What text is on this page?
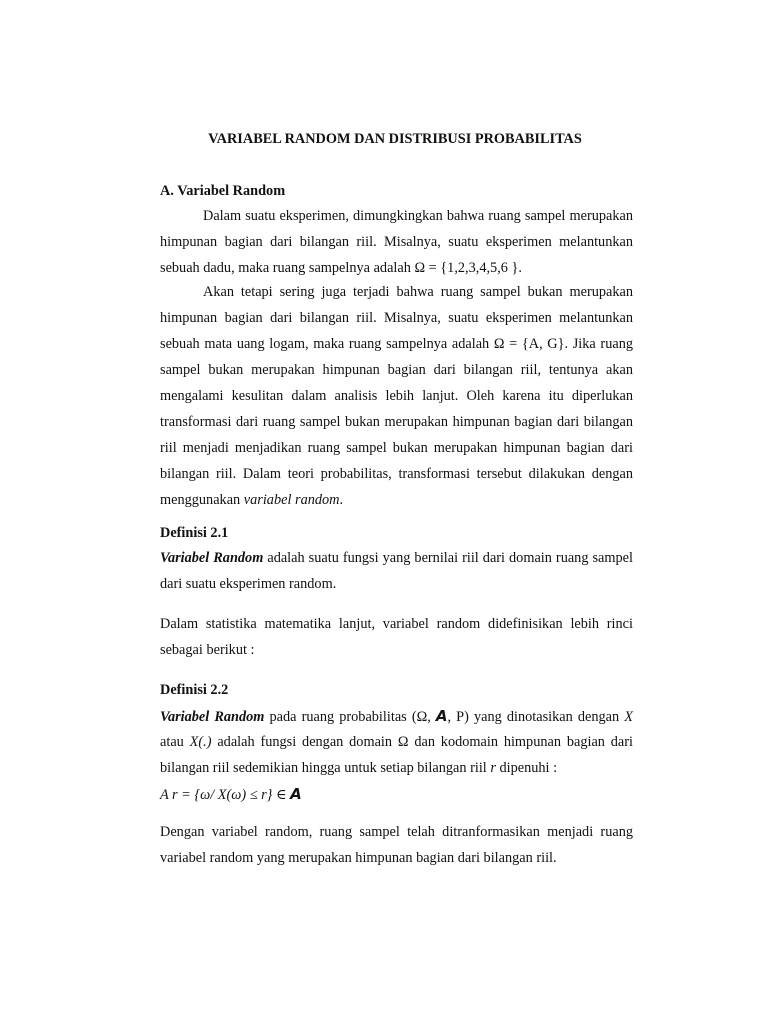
VARIABEL RANDOM DAN DISTRIBUSI PROBABILITAS
A. Variabel Random
Dalam suatu eksperimen, dimungkingkan bahwa ruang sampel merupakan
himpunan bagian dari bilangan riil. Misalnya, suatu eksperimen melantunkan
sebuah dadu, maka ruang sampelnya adalah Ω = {1,2,3,4,5,6 }.
Akan tetapi sering juga terjadi bahwa ruang sampel bukan merupakan
himpunan bagian dari bilangan riil. Misalnya, suatu eksperimen melantunkan
sebuah mata uang logam, maka ruang sampelnya adalah Ω = {A, G}. Jika ruang
sampel bukan merupakan himpunan bagian dari bilangan riil, tentunya akan
mengalami kesulitan dalam analisis lebih lanjut. Oleh karena itu diperlukan
transformasi dari ruang sampel bukan merupakan himpunan bagian dari bilangan
riil menjadi menjadikan ruang sampel bukan merupakan himpunan bagian dari
bilangan riil. Dalam teori probabilitas, transformasi tersebut dilakukan dengan
menggunakan variabel random.
Definisi 2.1
Variabel Random adalah suatu fungsi yang bernilai riil dari domain ruang sampel
dari suatu eksperimen random.
Dalam statistika matematika lanjut, variabel random didefinisikan lebih rinci
sebagai berikut :
Definisi 2.2
Variabel Random pada ruang probabilitas (Ω, A, P) yang dinotasikan dengan X
atau X(.) adalah fungsi dengan domain Ω dan kodomain himpunan bagian dari
bilangan riil sedemikian hingga untuk setiap bilangan riil r dipenuhi :
A r = {ω/ X(ω) ≤ r} ∈ A
Dengan variabel random, ruang sampel telah ditranformasikan menjadi ruang
variabel random yang merupakan himpunan bagian dari bilangan riil.
